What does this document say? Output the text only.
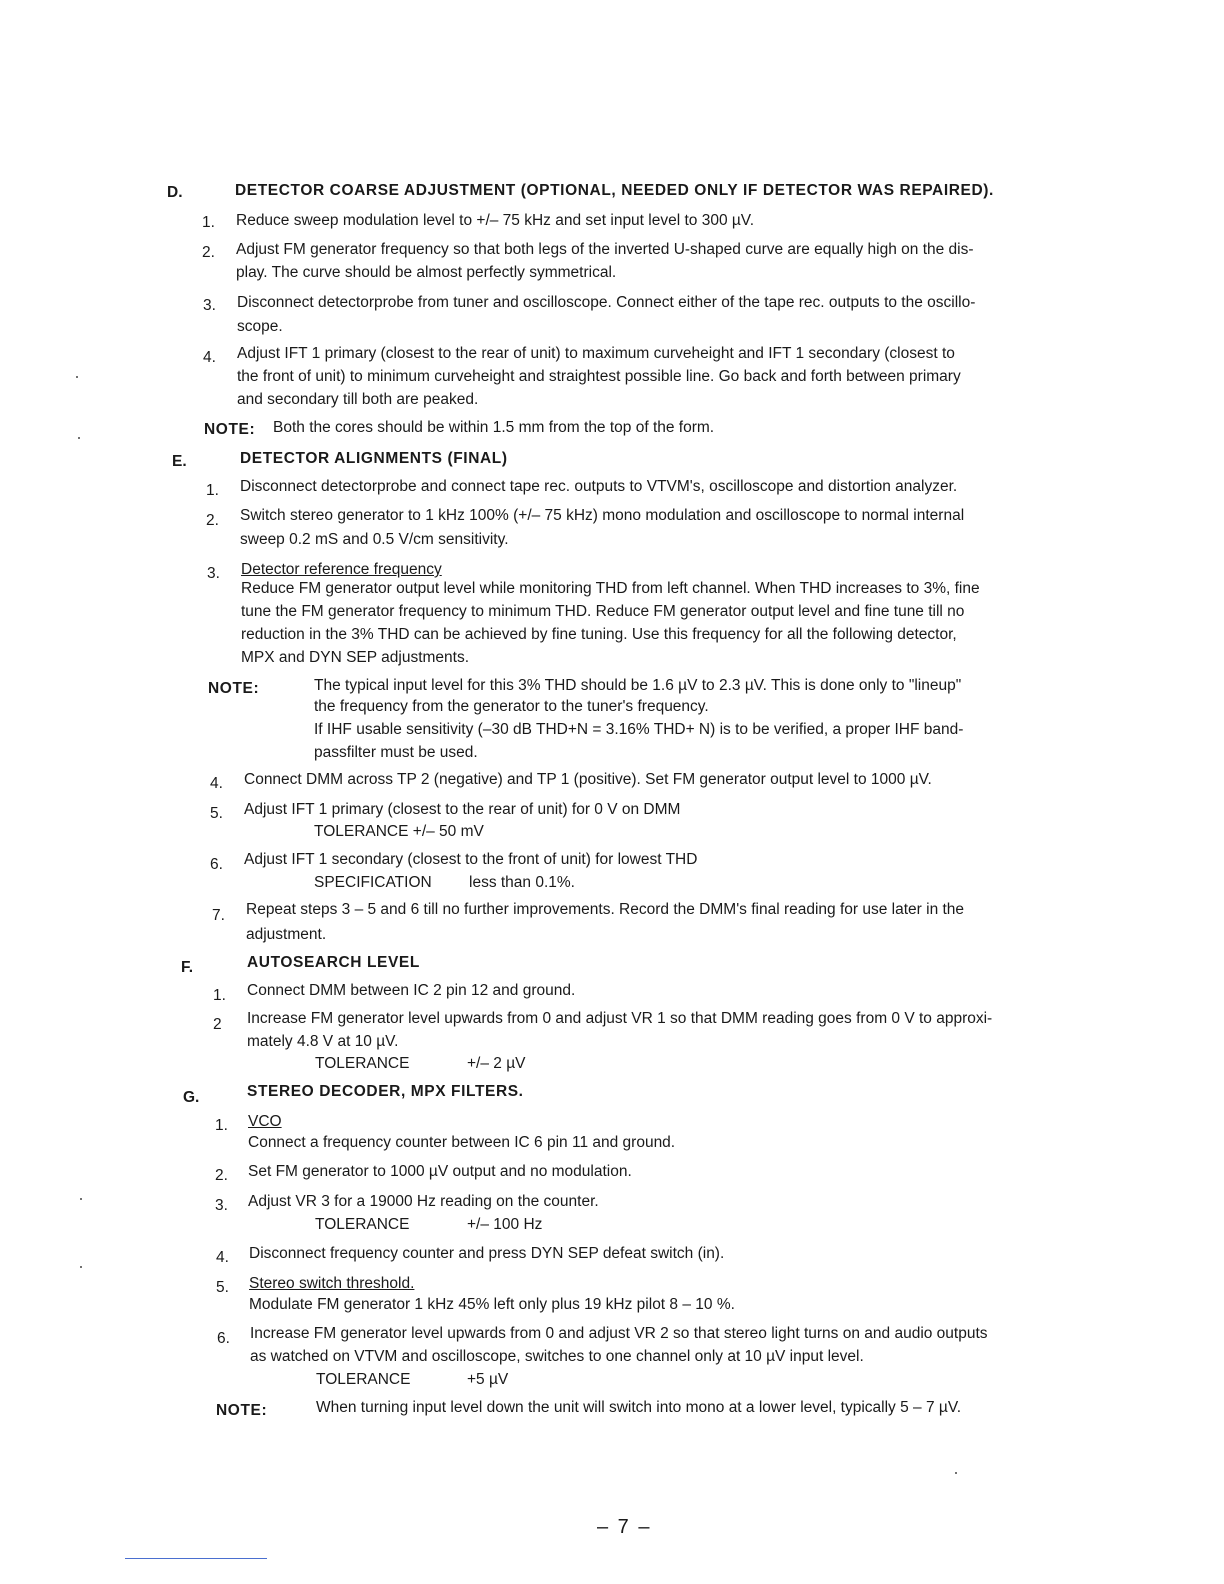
D.	DETECTOR COARSE ADJUSTMENT (OPTIONAL, NEEDED ONLY IF DETECTOR WAS REPAIRED).
1. Reduce sweep modulation level to +/– 75 kHz and set input level to 300 µV.
2. Adjust FM generator frequency so that both legs of the inverted U-shaped curve are equally high on the dis-
play. The curve should be almost perfectly symmetrical.
3. Disconnect detectorprobe from tuner and oscilloscope. Connect either of the tape rec. outputs to the oscillo-
scope.
4. Adjust IFT 1 primary (closest to the rear of unit) to maximum curveheight and IFT 1 secondary (closest to
the front of unit) to minimum curveheight and straightest possible line. Go back and forth between primary
and secondary till both are peaked.
NOTE: Both the cores should be within 1.5 mm from the top of the form.
E.	DETECTOR ALIGNMENTS (FINAL)
1. Disconnect detectorprobe and connect tape rec. outputs to VTVM's, oscilloscope and distortion analyzer.
2. Switch stereo generator to 1 kHz 100% (+/– 75 kHz) mono modulation and oscilloscope to normal internal
sweep 0.2 mS and 0.5 V/cm sensitivity.
3. Detector reference frequency
Reduce FM generator output level while monitoring THD from left channel. When THD increases to 3%, fine
tune the FM generator frequency to minimum THD. Reduce FM generator output level and fine tune till no
reduction in the 3% THD can be achieved by fine tuning. Use this frequency for all the following detector,
MPX and DYN SEP adjustments.
NOTE:	The typical input level for this 3% THD should be 1.6 µV to 2.3 µV. This is done only to "lineup"
the frequency from the generator to the tuner's frequency.
If IHF usable sensitivity (–30 dB THD+N = 3.16% THD+ N) is to be verified, a proper IHF band-
passfilter must be used.
4. Connect DMM across TP 2 (negative) and TP 1 (positive). Set FM generator output level to 1000 µV.
5. Adjust IFT 1 primary (closest to the rear of unit) for 0 V on DMM
TOLERANCE +/– 50 mV
6. Adjust IFT 1 secondary (closest to the front of unit) for lowest THD
SPECIFICATION less than 0.1%.
7. Repeat steps 3 – 5 and 6 till no further improvements. Record the DMM's final reading for use later in the
adjustment.
F.	AUTOSEARCH LEVEL
1. Connect DMM between IC 2 pin 12 and ground.
2 Increase FM generator level upwards from 0 and adjust VR 1 so that DMM reading goes from 0 V to approxi-
mately 4.8 V at 10 µV.
TOLERANCE	+/– 2 µV
G.	STEREO DECODER, MPX FILTERS.
1. VCO
Connect a frequency counter between IC 6 pin 11 and ground.
2. Set FM generator to 1000 µV output and no modulation.
3. Adjust VR 3 for a 19000 Hz reading on the counter.
TOLERANCE	+/– 100 Hz
4. Disconnect frequency counter and press DYN SEP defeat switch (in).
5. Stereo switch threshold.
Modulate FM generator 1 kHz 45% left only plus 19 kHz pilot 8 – 10 %.
6. Increase FM generator level upwards from 0 and adjust VR 2 so that stereo light turns on and audio outputs
as watched on VTVM and oscilloscope, switches to one channel only at 10 µV input level.
TOLERANCE	+5 µV
NOTE:	When turning input level down the unit will switch into mono at a lower level, typically 5 – 7 µV.
– 7 –
